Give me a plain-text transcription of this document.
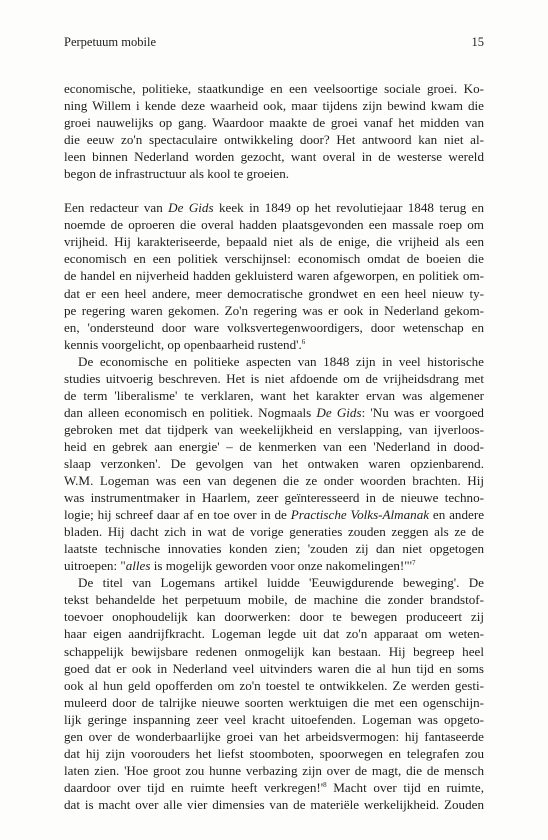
Perpetuum mobile	15
economische, politieke, staatkundige en een veelsoortige sociale groei. Ko-
ning Willem i kende deze waarheid ook, maar tijdens zijn bewind kwam die
groei nauwelijks op gang. Waardoor maakte de groei vanaf het midden van
die eeuw zo'n spectaculaire ontwikkeling door? Het antwoord kan niet al-
leen binnen Nederland worden gezocht, want overal in de westerse wereld
begon de infrastructuur als kool te groeien.
Een redacteur van De Gids keek in 1849 op het revolutiejaar 1848 terug en
noemde de oproeren die overal hadden plaatsgevonden een massale roep om
vrijheid. Hij karakteriseerde, bepaald niet als de enige, die vrijheid als een
economisch en een politiek verschijnsel: economisch omdat de boeien die
de handel en nijverheid hadden gekluisterd waren afgeworpen, en politiek om-
dat er een heel andere, meer democratische grondwet en een heel nieuw ty-
pe regering waren gekomen. Zo'n regering was er ook in Nederland gekom-
en, 'ondersteund door ware volksvertegenwoordigers, door wetenschap en
kennis voorgelicht, op openbaarheid rustend'.$^6$
De economische en politieke aspecten van 1848 zijn in veel historische
studies uitvoerig beschreven. Het is niet afdoende om de vrijheidsdrang met
de term 'liberalisme' te verklaren, want het karakter ervan was algemener
dan alleen economisch en politiek. Nogmaals De Gids: 'Nu was er voorgoed
gebroken met dat tijdperk van weekelijkheid en verslapping, van ijverloos-
heid en gebrek aan energie' – de kenmerken van een 'Nederland in dood-
slaap verzonken'. De gevolgen van het ontwaken waren opzienbarend.
W.M. Logeman was een van degenen die ze onder woorden brachten. Hij
was instrumentmaker in Haarlem, zeer geïnteresseerd in de nieuwe techno-
logie; hij schreef daar af en toe over in de Practische Volks-Almanak en andere
bladen. Hij dacht zich in wat de vorige generaties zouden zeggen als ze de
laatste technische innovaties konden zien; 'zouden zij dan niet opgetogen
uitroepen: "alles is mogelijk geworden voor onze $nakomelingen!"'^7$
De titel van Logemans artikel luidde 'Eeuwigdurende beweging'. De
tekst behandelde het perpetuum mobile, de machine die zonder brandstof-
toevoer onophoudelijk kan doorwerken: door te bewegen produceert zij
haar eigen aandrijfkracht. Logeman legde uit dat zo'n apparaat om weten-
schappelijk bewijsbare redenen onmogelijk kan bestaan. Hij begreep heel
goed dat er ook in Nederland veel uitvinders waren die al hun tijd en soms
ook al hun geld opofferden om zo'n toestel te ontwikkelen. Ze werden gesti-
muleerd door de talrijke nieuwe soorten werktuigen die met een ogenschijn-
lijk geringe inspanning zeer veel kracht uitoefenden. Logeman was opgeto-
gen over de wonderbaarlijke groei van het arbeidsvermogen: hij fantaseerde
dat hij zijn voorouders het liefst stoomboten, spoorwegen en telegrafen zou
laten zien. 'Hoe groot zou hunne verbazing zijn over de magt, die de mensch
daardoor over tijd en ruimte heeft $verkregen!'^8$ Macht over tijd en ruimte,
dat is macht over alle vier dimensies van de materiële werkelijkheid. Zouden
